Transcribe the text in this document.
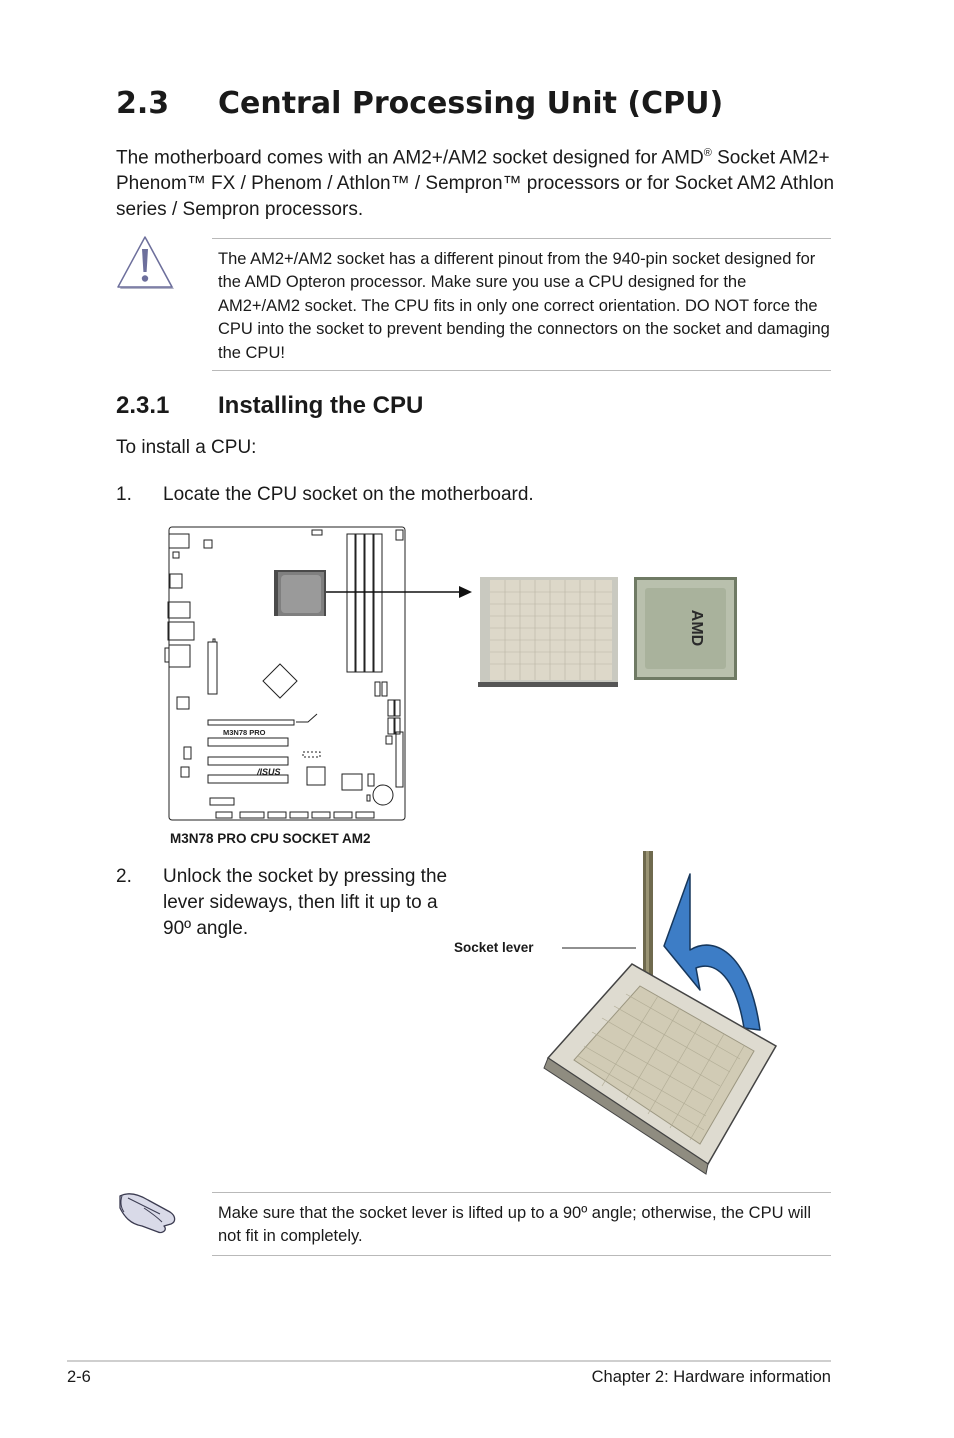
2.3 Central Processing Unit (CPU)

The motherboard comes with an AM2+/AM2 socket designed for AMD® Socket AM2+ Phenom™ FX / Phenom / Athlon™ / Sempron™ processors or for Socket AM2 Athlon series / Sempron processors.

The AM2+/AM2 socket has a different pinout from the 940-pin socket designed for the AMD Opteron processor. Make sure you use a CPU designed for the AM2+/AM2 socket. The CPU fits in only one correct orientation. DO NOT force the CPU into the socket to prevent bending the connectors on the socket and damaging the CPU!

2.3.1 Installing the CPU

To install a CPU:

1. Locate the CPU socket on the motherboard.

AMD
M3N78 PRO
/ISUS
M3N78 PRO CPU SOCKET AM2
2. Unlock the socket by pressing the lever sideways, then lift it up to a 90º angle.

Socket lever

Make sure that the socket lever is lifted up to a 90º angle; otherwise, the CPU will not fit in completely.

2-6	Chapter 2: Hardware information
